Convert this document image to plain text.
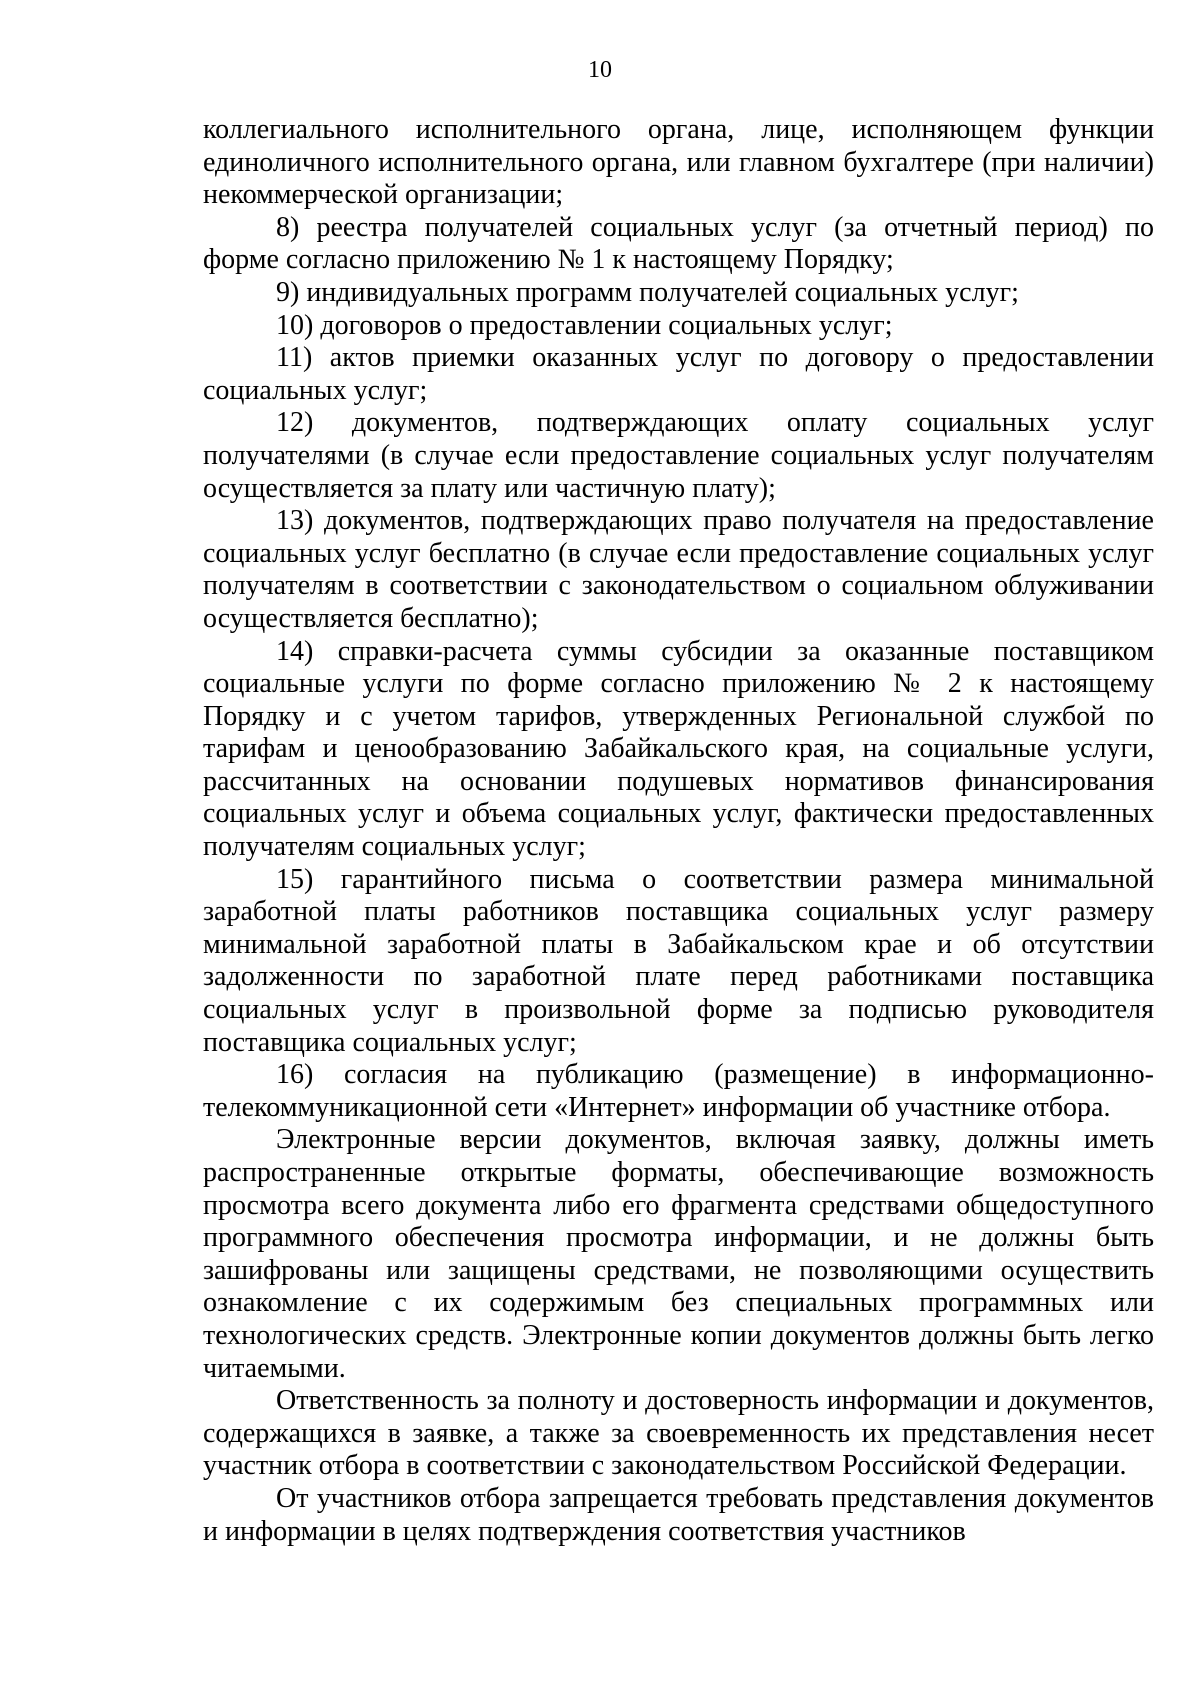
10

коллегиального исполнительного органа, лице, исполняющем функции единоличного исполнительного органа, или главном бухгалтере (при наличии) некоммерческой организации;

8) реестра получателей социальных услуг (за отчетный период) по форме согласно приложению № 1 к настоящему Порядку;

9) индивидуальных программ получателей социальных услуг;

10) договоров о предоставлении социальных услуг;

11) актов приемки оказанных услуг по договору о предоставлении социальных услуг;

12) документов, подтверждающих оплату социальных услуг получателями (в случае если предоставление социальных услуг получателям осуществляется за плату или частичную плату);

13) документов, подтверждающих право получателя на предоставление социальных услуг бесплатно (в случае если предоставление социальных услуг получателям в соответствии с законодательством о социальном облуживании осуществляется бесплатно);

14) справки-расчета суммы субсидии за оказанные поставщиком социальные услуги по форме согласно приложению № 2 к настоящему Порядку и с учетом тарифов, утвержденных Региональной службой по тарифам и ценообразованию Забайкальского края, на социальные услуги, рассчитанных на основании подушевых нормативов финансирования социальных услуг и объема социальных услуг, фактически предоставленных получателям социальных услуг;

15) гарантийного письма о соответствии размера минимальной заработной платы работников поставщика социальных услуг размеру минимальной заработной платы в Забайкальском крае и об отсутствии задолженности по заработной плате перед работниками поставщика социальных услуг в произвольной форме за подписью руководителя поставщика социальных услуг;

16) согласия на публикацию (размещение) в информационно-телекоммуникационной сети «Интернет» информации об участнике отбора.

Электронные версии документов, включая заявку, должны иметь распространенные открытые форматы, обеспечивающие возможность просмотра всего документа либо его фрагмента средствами общедоступного программного обеспечения просмотра информации, и не должны быть зашифрованы или защищены средствами, не позволяющими осуществить ознакомление с их содержимым без специальных программных или технологических средств. Электронные копии документов должны быть легко читаемыми.

Ответственность за полноту и достоверность информации и документов, содержащихся в заявке, а также за своевременность их представления несет участник отбора в соответствии с законодательством Российской Федерации.

От участников отбора запрещается требовать представления документов и информации в целях подтверждения соответствия участников
